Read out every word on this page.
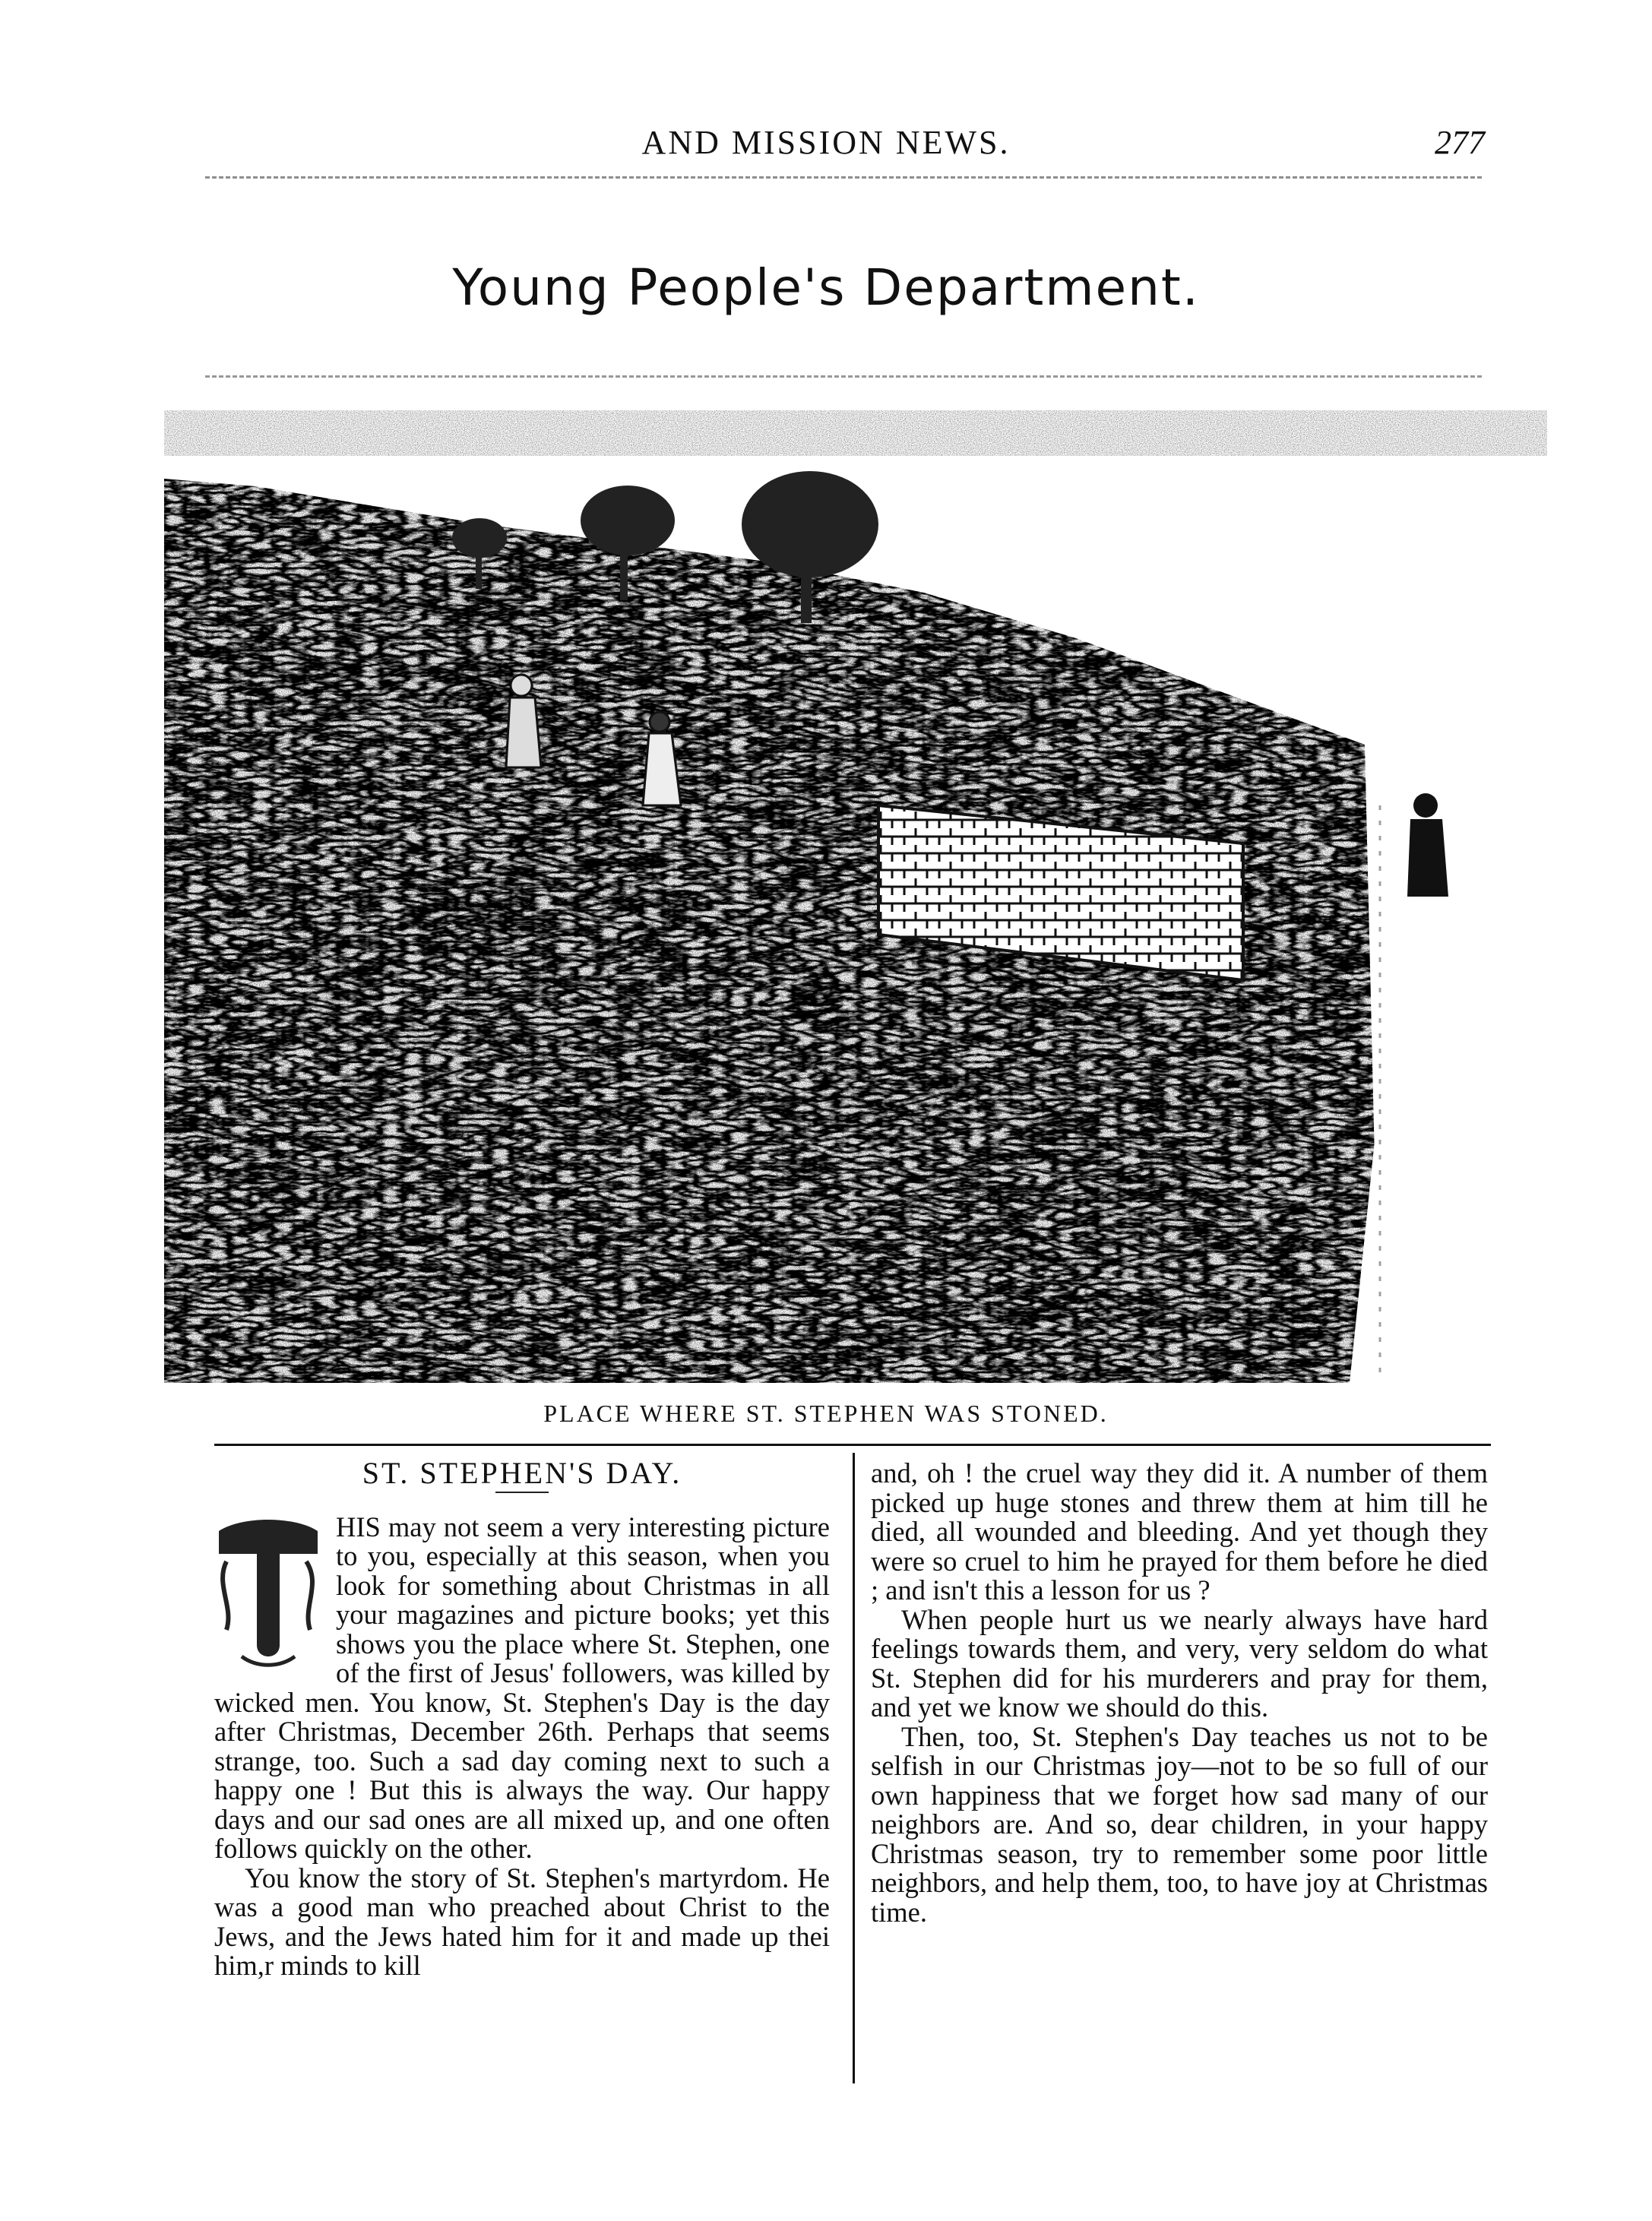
AND MISSION NEWS.	277
Young People's Department.
PLACE WHERE ST. STEPHEN WAS STONED.
ST. STEPHEN'S DAY.

HIS may not seem a very interesting picture to you, especially at this season, when you look for something about Christmas in all your magazines and picture books; yet this shows you the place where St. Stephen, one of the first of Jesus' followers, was killed by wicked men. You know, St. Stephen's Day is the day after Christmas, December 26th. Perhaps that seems strange, too. Such a sad day coming next to such a happy one ! But this is always the way. Our happy days and our sad ones are all mixed up, and one often follows quickly on the other.

You know the story of St. Stephen's martyrdom. He was a good man who preached about Christ to the Jews, and the Jews hated him for it and made up thei him,r minds to kill

and, oh ! the cruel way they did it. A number of them picked up huge stones and threw them at him till he died, all wounded and bleeding. And yet though they were so cruel to him he prayed for them before he died ; and isn't this a lesson for us ?

When people hurt us we nearly always have hard feelings towards them, and very, very seldom do what St. Stephen did for his murderers and pray for them, and yet we know we should do this.

Then, too, St. Stephen's Day teaches us not to be selfish in our Christmas joy—not to be so full of our own happiness that we forget how sad many of our neighbors are. And so, dear children, in your happy Christmas season, try to remember some poor little neighbors, and help them, too, to have joy at Christmas time.
